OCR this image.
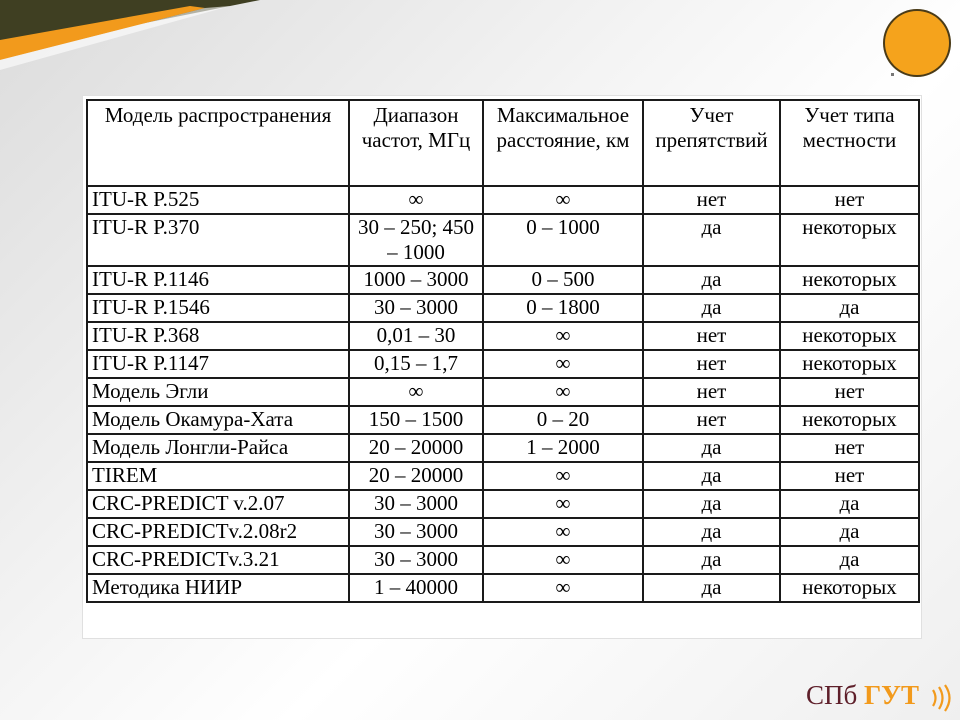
Модель распространения	Диапазон частот, МГц	Максимальное расстояние, км	Учет препятствий	Учет типа местности
ITU-R P.525	∞	∞	нет	нет
ITU-R P.370	30 – 250; 450 – 1000	0 – 1000	да	некоторых
ITU-R P.1146	1000 – 3000	0 – 500	да	некоторых
ITU-R P.1546	30 – 3000	0 – 1800	да	да
ITU-R P.368	0,01 – 30	∞	нет	некоторых
ITU-R P.1147	0,15 – 1,7	∞	нет	некоторых
Модель Эгли	∞	∞	нет	нет
Модель Окамура-Хата	150 – 1500	0 – 20	нет	некоторых
Модель Лонгли-Райса	20 – 20000	1 – 2000	да	нет
TIREM	20 – 20000	∞	да	нет
CRC-PREDICT v.2.07	30 – 3000	∞	да	да
CRC-PREDICTv.2.08r2	30 – 3000	∞	да	да
CRC-PREDICTv.3.21	30 – 3000	∞	да	да
Методика НИИР	1 – 40000	∞	да	некоторых
СПб ГУТ
